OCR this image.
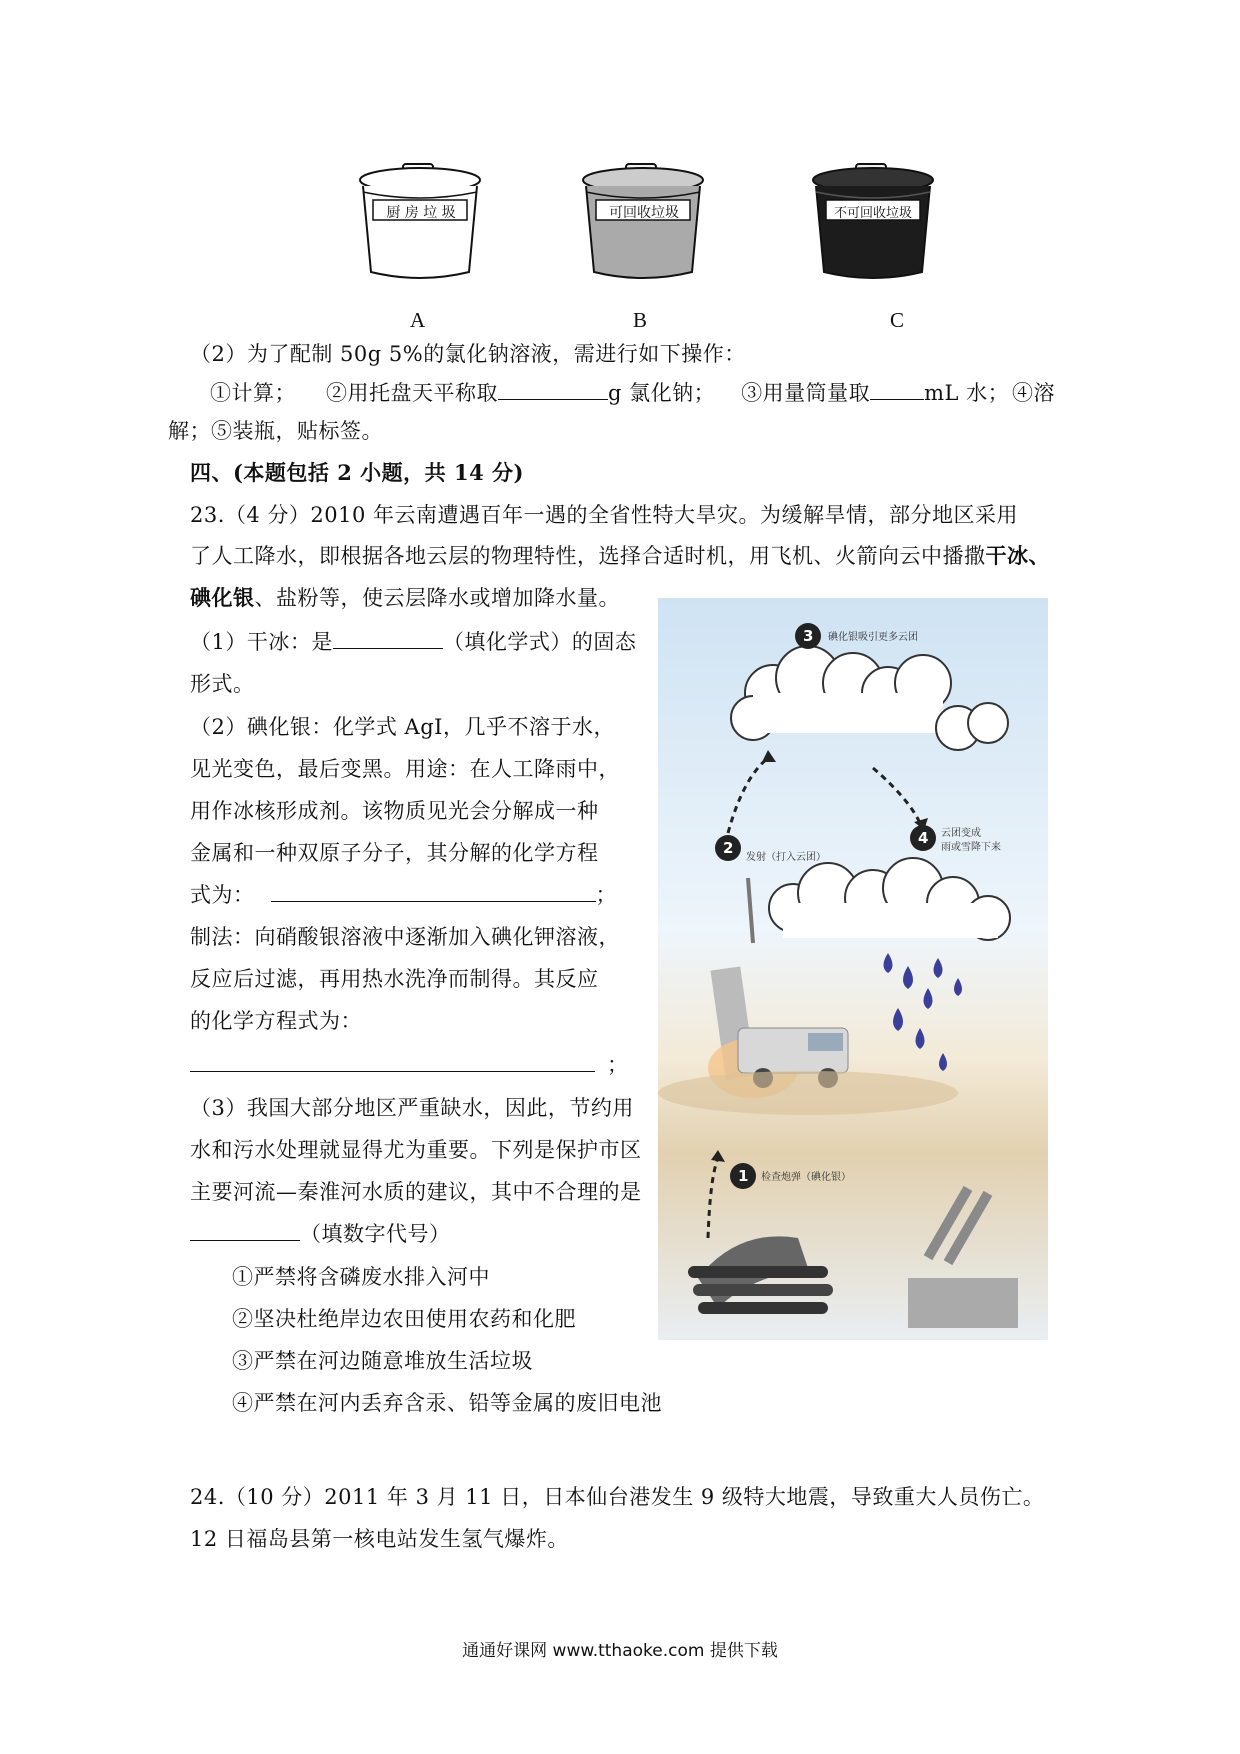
厨 房 垃 圾
A
可回收垃圾
B
不可回收垃圾
C
（2）为了配制 50g 5%的氯化钠溶液，需进行如下操作：
①计算； ②用托盘天平称取	g 氯化钠； ③用量筒量取	mL 水； ④溶
解；⑤装瓶，贴标签。
四、(本题包括 2 小题，共 14 分)
23.（4 分）2010 年云南遭遇百年一遇的全省性特大旱灾。为缓解旱情，部分地区采用
了人工降水，即根据各地云层的物理特性，选择合适时机，用飞机、火箭向云中播撒干冰、
碘化银、盐粉等，使云层降水或增加降水量。
（1）干冰：是	（填化学式）的固态
形式。
（2）碘化银：化学式 AgI，几乎不溶于水，
见光变色，最后变黑。用途：在人工降雨中，
用作冰核形成剂。该物质见光会分解成一种
金属和一种双原子分子，其分解的化学方程
式为：	；
制法：向硝酸银溶液中逐渐加入碘化钾溶液，
反应后过滤，再用热水洗净而制得。其反应
的化学方程式为：
；
（3）我国大部分地区严重缺水，因此，节约用
水和污水处理就显得尤为重要。下列是保护市区
主要河流—秦淮河水质的建议，其中不合理的是
（填数字代号）
①严禁将含磷废水排入河中
②坚决杜绝岸边农田使用农药和化肥
③严禁在河边随意堆放生活垃圾
④严禁在河内丢弃含汞、铅等金属的废旧电池
3 碘化银吸引更多云团
2
发射（打入云团）
4 云团变成
雨或雪降下来
1 检查炮弹（碘化银）
24.（10 分）2011 年 3 月 11 日，日本仙台港发生 9 级特大地震，导致重大人员伤亡。
12 日福岛县第一核电站发生氢气爆炸。
通通好课网 www.tthaoke.com 提供下载
